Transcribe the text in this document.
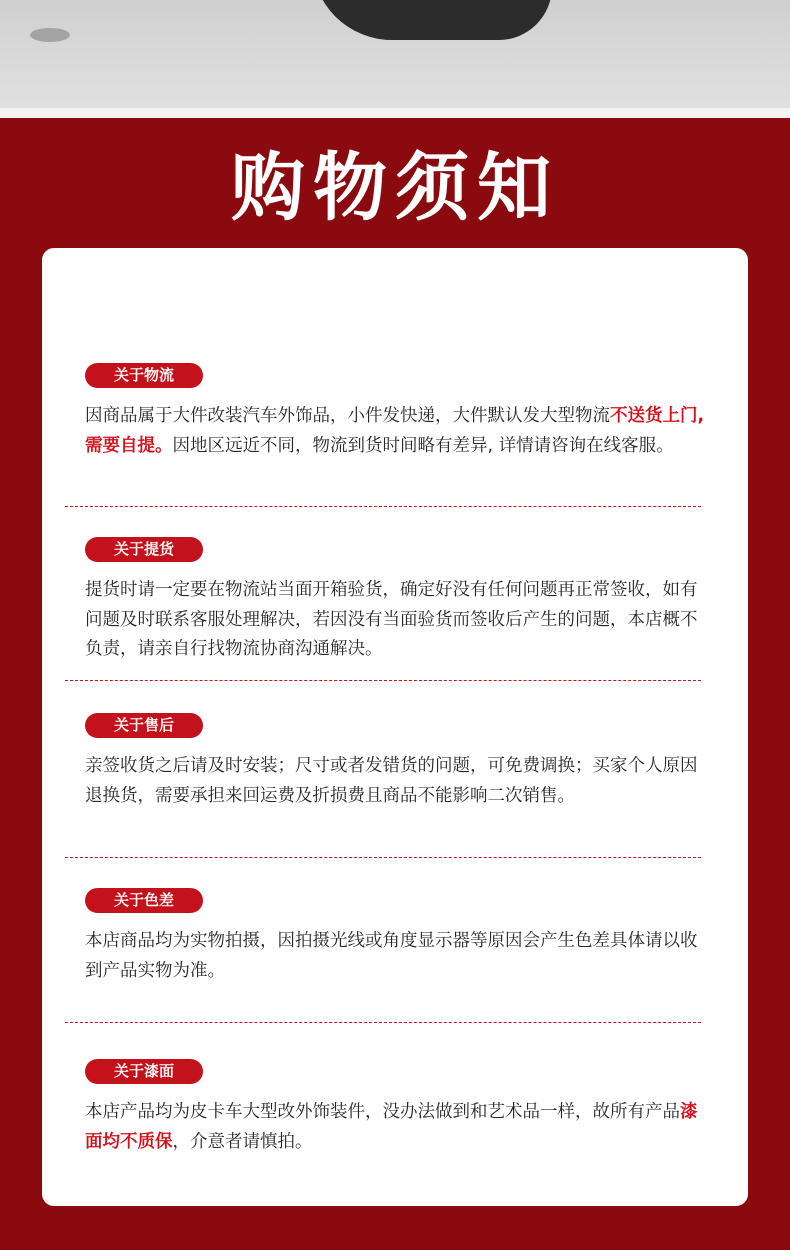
购物须知
关于物流
因商品属于大件改装汽车外饰品，小件发快递，大件默认发大型物流不送货上门, 需要自提。因地区远近不同，物流到货时间略有差异, 详情请咨询在线客服。
关于提货
提货时请一定要在物流站当面开箱验货，确定好没有任何问题再正常签收，如有问题及时联系客服处理解决，若因没有当面验货而签收后产生的问题，本店概不负责，请亲自行找物流协商沟通解决。
关于售后
亲签收货之后请及时安装；尺寸或者发错货的问题，可免费调换；买家个人原因退换货，需要承担来回运费及折损费且商品不能影响二次销售。
关于色差
本店商品均为实物拍摄，因拍摄光线或角度显示器等原因会产生色差具体请以收到产品实物为准。
关于漆面
本店产品均为皮卡车大型改外饰装件，没办法做到和艺术品一样，故所有产品漆面均不质保，介意者请慎拍。
